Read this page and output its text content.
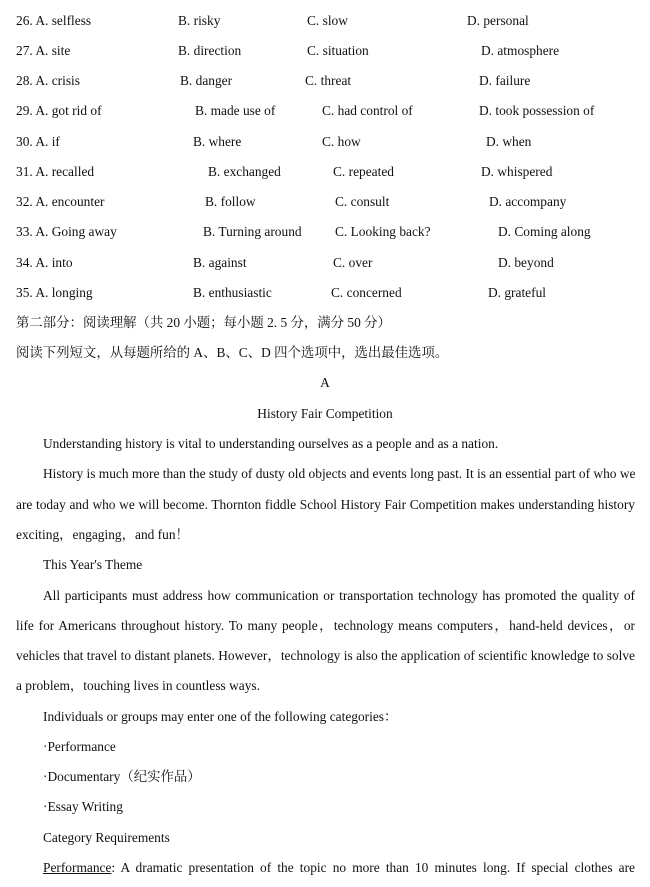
26. A. selfless	B. risky	C. slow	D. personal
27. A. site	B. direction	C. situation	D. atmosphere
28. A. crisis	B. danger	C. threat	D. failure
29. A. got rid of	B. made use of	C. had control of	D. took possession of
30. A. if	B. where	C. how	D. when
31. A. recalled	B. exchanged	C. repeated	D. whispered
32. A. encounter	B. follow	C. consult	D. accompany
33. A. Going away	B. Turning around C. Looking back?	D. Coming along
34. A. into	B. against	C. over	D. beyond
35. A. longing	B. enthusiastic	C. concerned	D. grateful
第二部分：阅读理解（共 20 小题；每小题 2. 5 分，满分 50 分）
阅读下列短文，从每题所给的 A、B、C、D 四个选项中，选出最佳选项。
A
History Fair Competition
Understanding history is vital to understanding ourselves as a people and as a nation.
History is much more than the study of dusty old objects and events long past. It is an essential part of who we
are today and who we will become. Thornton fiddle School History Fair Competition makes understanding history
exciting，engaging，and fun！
This Year's Theme
All participants must address how communication or transportation technology has promoted the quality of
life for Americans throughout history. To many people，technology means computers，hand-held devices，or
vehicles that travel to distant planets. However，technology is also the application of scientific knowledge to solve
a problem，touching lives in countless ways.
Individuals or groups may enter one of the following categories：
·Performance
·Documentary（纪实作品）
·Essay Writing
Category Requirements
Performance: A dramatic presentation of the topic no more than 10 minutes long. If special clothes are
